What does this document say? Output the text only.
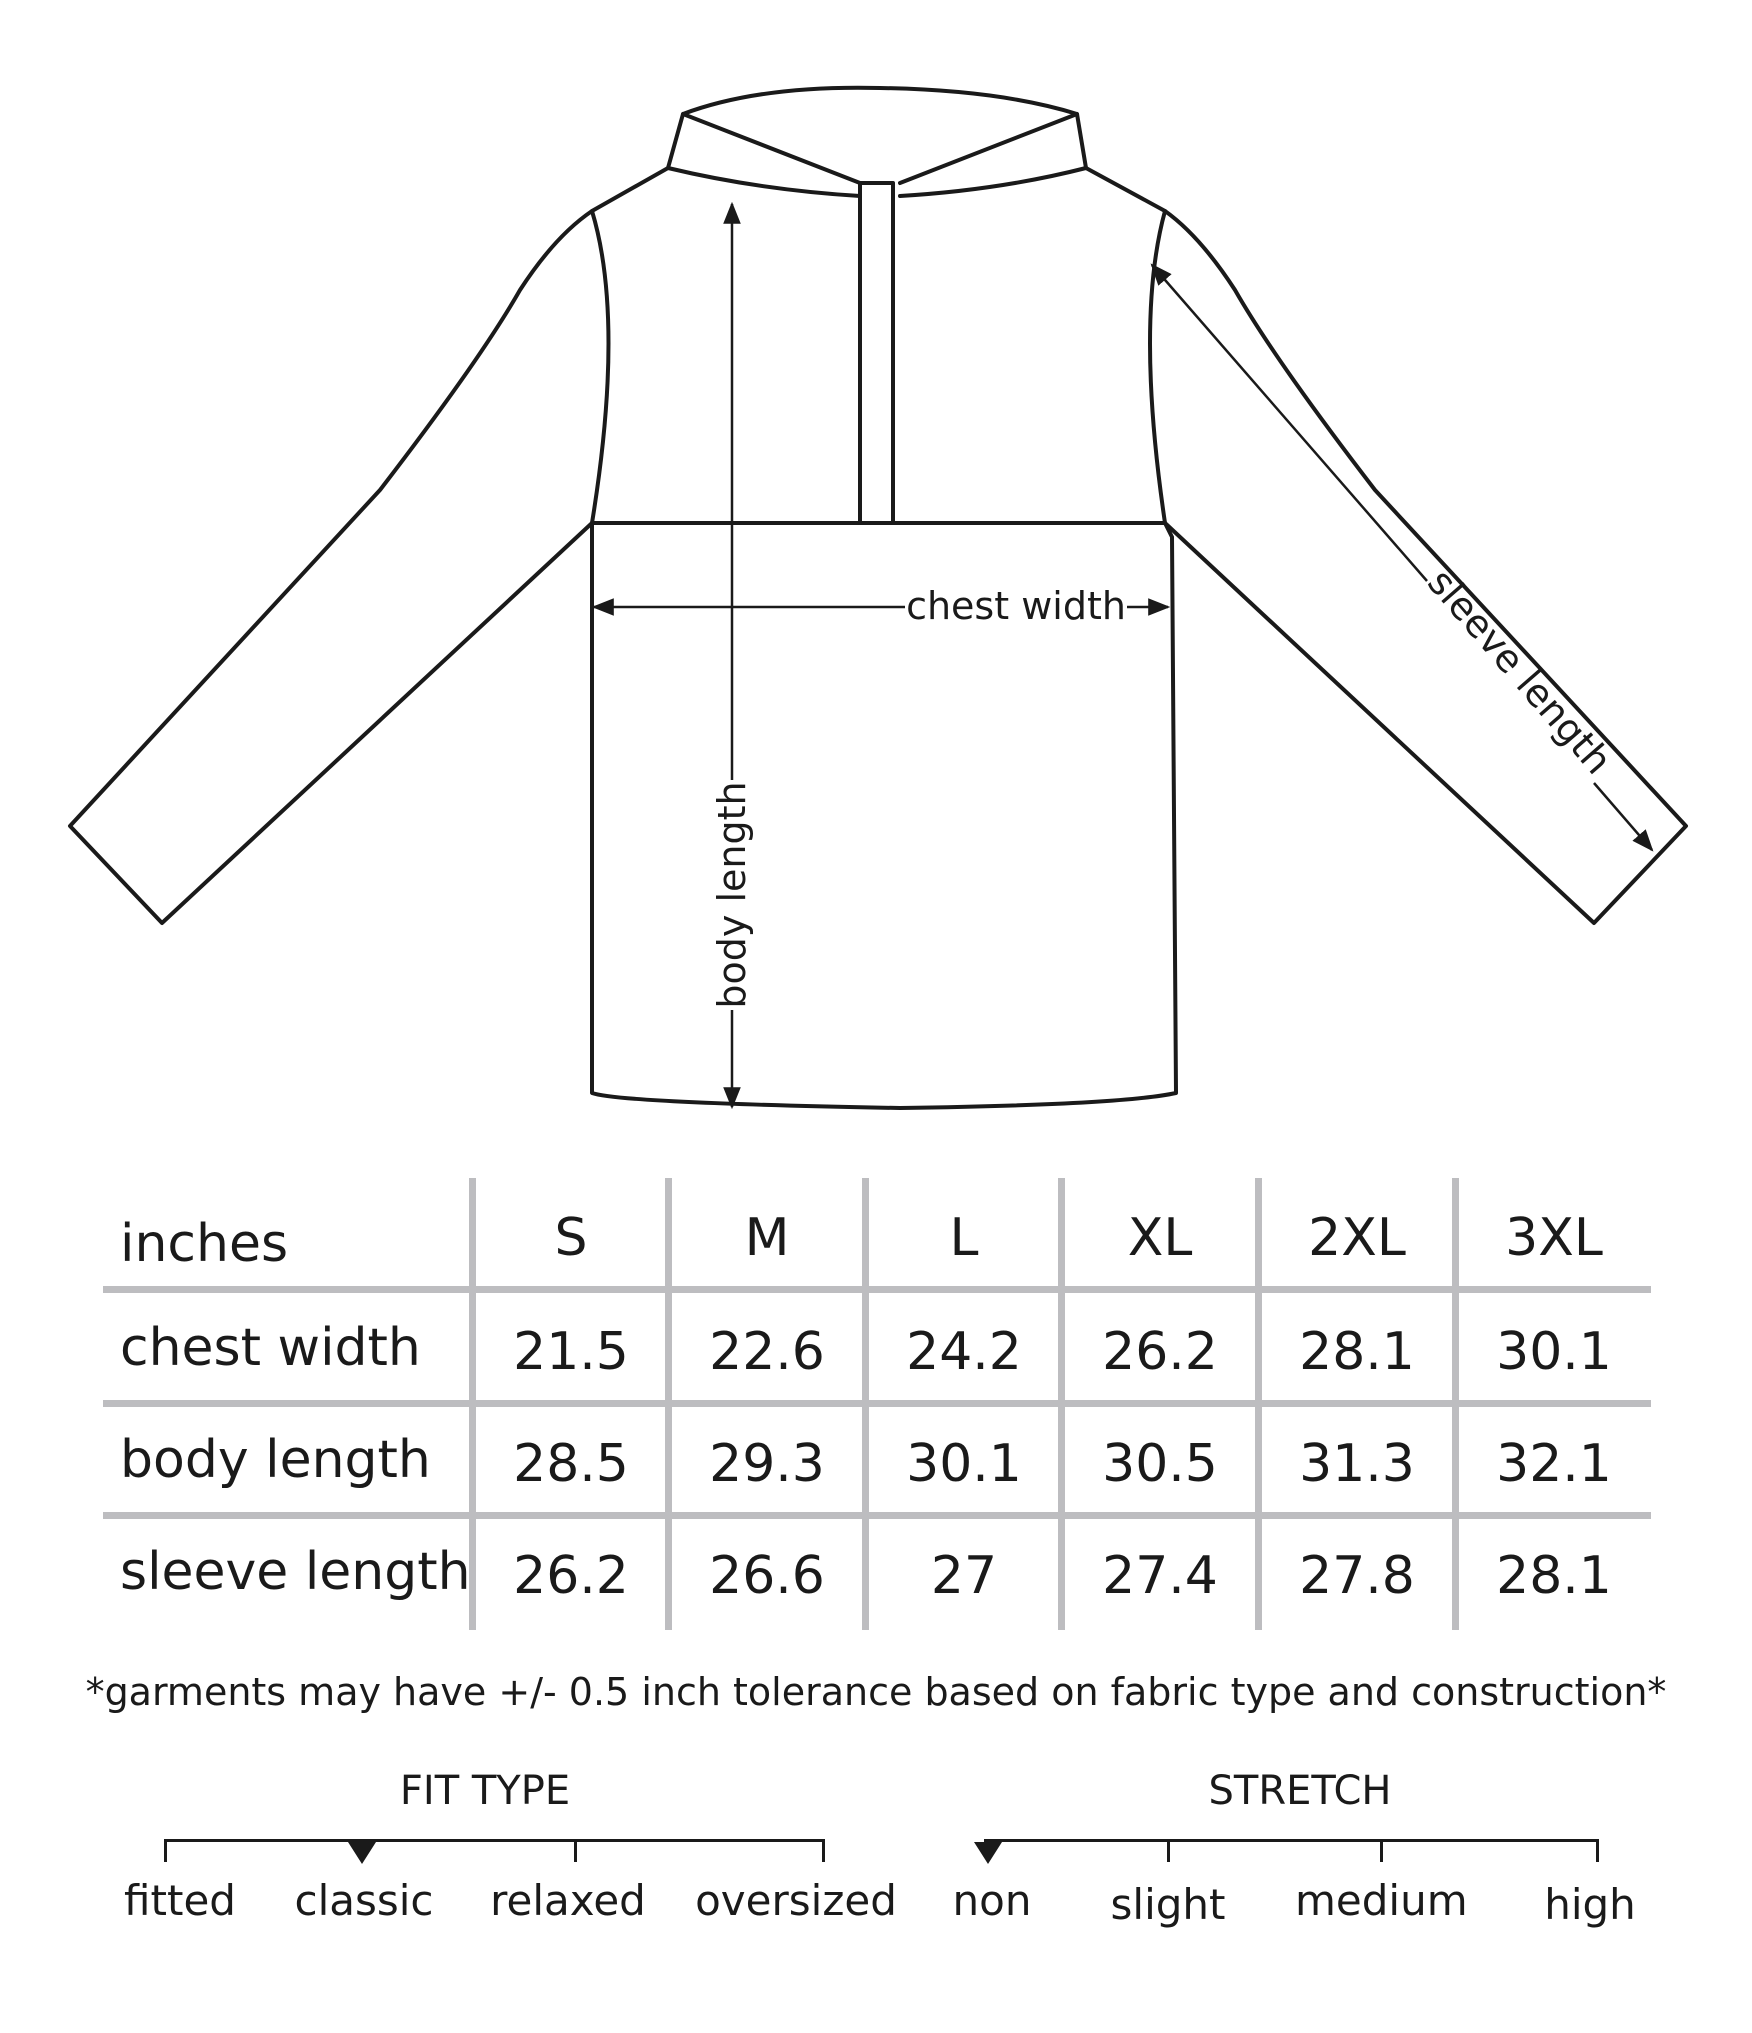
chest width
body length
sleeve length
inches	S	M	L	XL	2XL	3XL
chest width	21.5	22.6	24.2	26.2	28.1	30.1
body length	28.5	29.3	30.1	30.5	31.3	32.1
sleeve length 26.2	26.6	27	27.4	27.8	28.1
*garments may have +/- 0.5 inch tolerance based on fabric type and construction*
FIT TYPE
fitted	classic	relaxed	oversized
STRETCH
non	slight	medium	high
